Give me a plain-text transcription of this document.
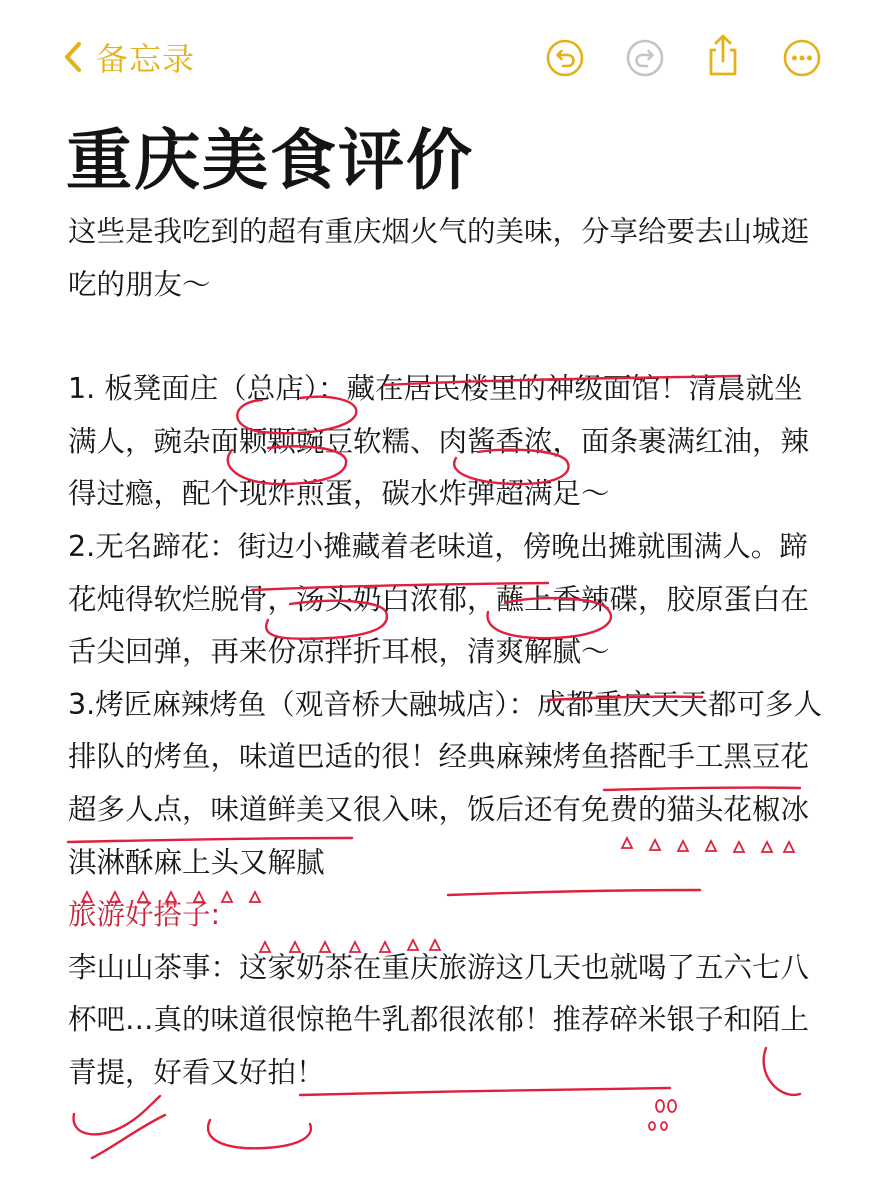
备忘录
重庆美食评价

这些是我吃到的超有重庆烟火气的美味，分享给要去山城逛吃的朋友～

1. 板凳面庄（总店）：藏在居民楼里的神级面馆！清晨就坐满人，豌杂面颗颗豌豆软糯、肉酱香浓，面条裹满红油，辣得过瘾，配个现炸煎蛋，碳水炸弹超满足～

2.无名蹄花：街边小摊藏着老味道，傍晚出摊就围满人。蹄花炖得软烂脱骨，汤头奶白浓郁，蘸上香辣碟，胶原蛋白在舌尖回弹，再来份凉拌折耳根，清爽解腻～

3.烤匠麻辣烤鱼（观音桥大融城店）：成都重庆天天都可多人排队的烤鱼，味道巴适的很！经典麻辣烤鱼搭配手工黑豆花超多人点，味道鲜美又很入味，饭后还有免费的猫头花椒冰淇淋酥麻上头又解腻

旅游好搭子:

李山山茶事：这家奶茶在重庆旅游这几天也就喝了五六七八杯吧…真的味道很惊艳牛乳都很浓郁！推荐碎米银子和陌上青提，好看又好拍！
